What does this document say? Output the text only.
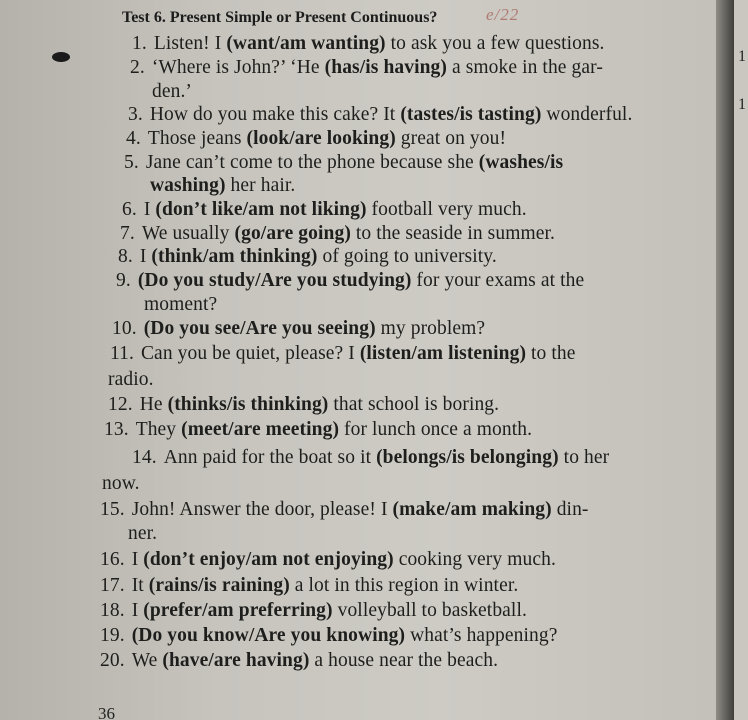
Test 6. Present Simple or Present Continuous?	e/22
1. Listen! I (want/am wanting) to ask you a few questions.
2. ‘Where is John?’ ‘He (has/is having) a smoke in the gar-
den.’
3. How do you make this cake? It (tastes/is tasting) wonderful.
4. Those jeans (look/are looking) great on you!
5. Jane can’t come to the phone because she (washes/is
washing) her hair.
6. I (don’t like/am not liking) football very much.
7. We usually (go/are going) to the seaside in summer.
8. I (think/am thinking) of going to university.
9. (Do you study/Are you studying) for your exams at the
moment?
10. (Do you see/Are you seeing) my problem?
11. Can you be quiet, please? I (listen/am listening) to the
radio.
12. He (thinks/is thinking) that school is boring.
13. They (meet/are meeting) for lunch once a month.
14. Ann paid for the boat so it (belongs/is belonging) to her
now.
15. John! Answer the door, please! I (make/am making) din-
ner.
16. I (don’t enjoy/am not enjoying) cooking very much.
17. It (rains/is raining) a lot in this region in winter.
18. I (prefer/am preferring) volleyball to basketball.
19. (Do you know/Are you knowing) what’s happening?
20. We (have/are having) a house near the beach.
36
1
1
